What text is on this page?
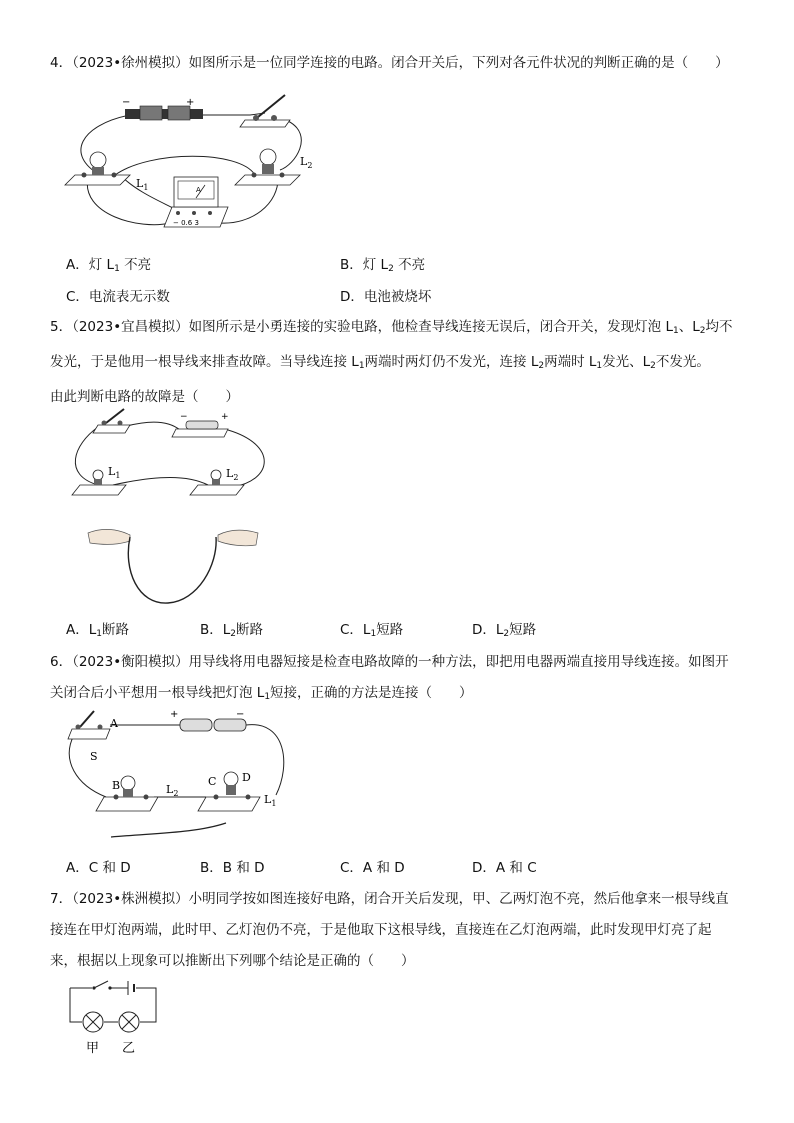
4．（2023•徐州模拟）如图所示是一位同学连接的电路。闭合开关后，下列对各元件状况的判断正确的是（　　）
−	+
$L_1$
$L_2$
A
− 0.6 3
A．灯 $L_1$ 不亮	B．灯 $L_2$ 不亮
C．电流表无示数	D．电池被烧坏
5．（2023•宜昌模拟）如图所示是小勇连接的实验电路，他检查导线连接无误后，闭合开关，发现灯泡 $L_1$、$L_2$均不
发光，于是他用一根导线来排查故障。当导线连接 $L_1$两端时两灯仍不发光，连接 $L_2$两端时 $L_1$发光、$L_2$不发光。
由此判断电路的故障是（　　）
−	+
$L_1$	$L_2$
A．$L_1$断路	B．$L_2$断路	C．$L_1$短路	D．$L_2$短路
6．（2023•衡阳模拟）用导线将用电器短接是检查电路故障的一种方法，即把用电器两端直接用导线连接。如图开
关闭合后小平想用一根导线把灯泡 $L_1$短接，正确的方法是连接（　　）
A
S
+	−
B	$L_2$
C D
$L_1$
A．C 和 D	B．B 和 D	C．A 和 D	D．A 和 C
7．（2023•株洲模拟）小明同学按如图连接好电路，闭合开关后发现，甲、乙两灯泡不亮，然后他拿来一根导线直
接连在甲灯泡两端，此时甲、乙灯泡仍不亮，于是他取下这根导线，直接连在乙灯泡两端，此时发现甲灯亮了起
来，根据以上现象可以推断出下列哪个结论是正确的（　　）
甲 乙
